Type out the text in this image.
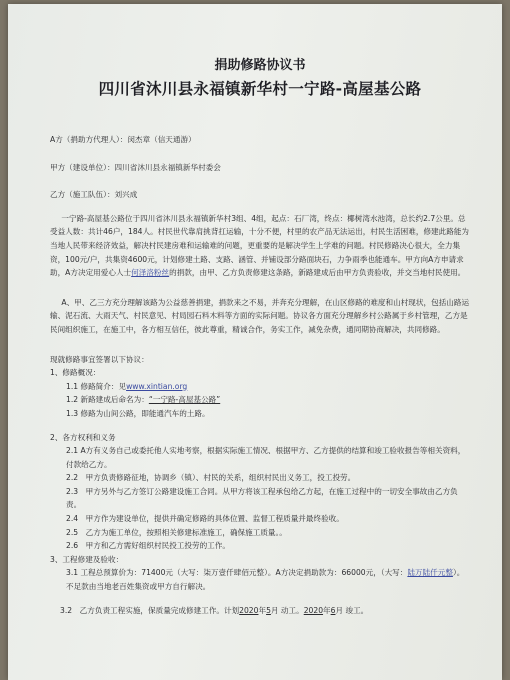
捐助修路协议书
四川省沐川县永福镇新华村一宁路-高屋基公路

A方（捐助方代理人）：闵杰章（信天通游）

甲方（建设单位）：四川省沐川县永福镇新华村委会

乙方（施工队伍）：刘兴成

一宁路-高屋基公路位于四川省沐川县永福镇新华村3组、4组，起点：石厂湾，终点：椰树湾水池湾，总长约2.7公里。总受益人数：共计46户，184人。村民世代靠肩挑背扛运输，十分不便，村里的农产品无法运出，村民生活困难，修建此路能为当地人民带来经济效益，解决村民建房难和运输难的问题，更重要的是解决学生上学难的问题。村民修路决心很大，全力集资，100元/户，共集资4600元，计划修建土路、支路、涵管、并铺设部分路面块石，力争雨季也能通车。甲方向A方申请求助，A方决定用爱心人士何泽洛粉丝的捐款，由甲、乙方负责修建这条路，新路建成后由甲方负责验收，并交当地村民使用。

A、甲、乙三方充分理解该路为公益慈善捐建，捐款来之不易，并奔充分理解，在山区修路的难度和山村现状，包括山路运输、泥石流、大雨天气、村民意见、村局园石料木料等方面的实际问题。协议各方面充分理解乡村公路属于乡村管理，乙方是民间组织施工，在施工中，各方相互信任，彼此尊重，精诚合作，务实工作，减免杂费，通同期协商解决，共同修路。

现就修路事宜签署以下协议：

1、修路概况：

1.1 修路简介：见www.xintian.org

1.2 新路建成后命名为：“一宁路-高屋基公路”

1.3 修路为山间公路，即能通汽车的土路。

2、各方权利和义务

2.1 A方有义务自己或委托他人实地考察，根据实际施工情况、根据甲方、乙方提供的结算和竣工验收报告等相关资料，付款给乙方。

2.2　甲方负责修路征地，协调乡（镇）、村民的关系，组织村民出义务工，投工投劳。

2.3　甲方另外与乙方签订公路建设施工合同。从甲方将该工程承包给乙方起，在施工过程中的一切安全事故由乙方负责。

2.4　甲方作为建设单位，提供并确定修路的具体位置、监督工程质量并最终验收。

2.5　乙方为施工单位，按照相关修建标准施工，确保施工质量。。

2.6　甲方和乙方需好组织村民投工投劳的工作。

3、工程修建及验收：

3.1 工程总预算价为：71400元（大写：柒万壹仟肆佰元整）。A方决定捐助款为：66000元，（大写：陆万陆仟元整）。不足款由当地老百姓集资或甲方自行解决。

3.2　乙方负责工程实施，保质量完成修建工作。计划2020年5月 动工。2020年6月 竣工。
